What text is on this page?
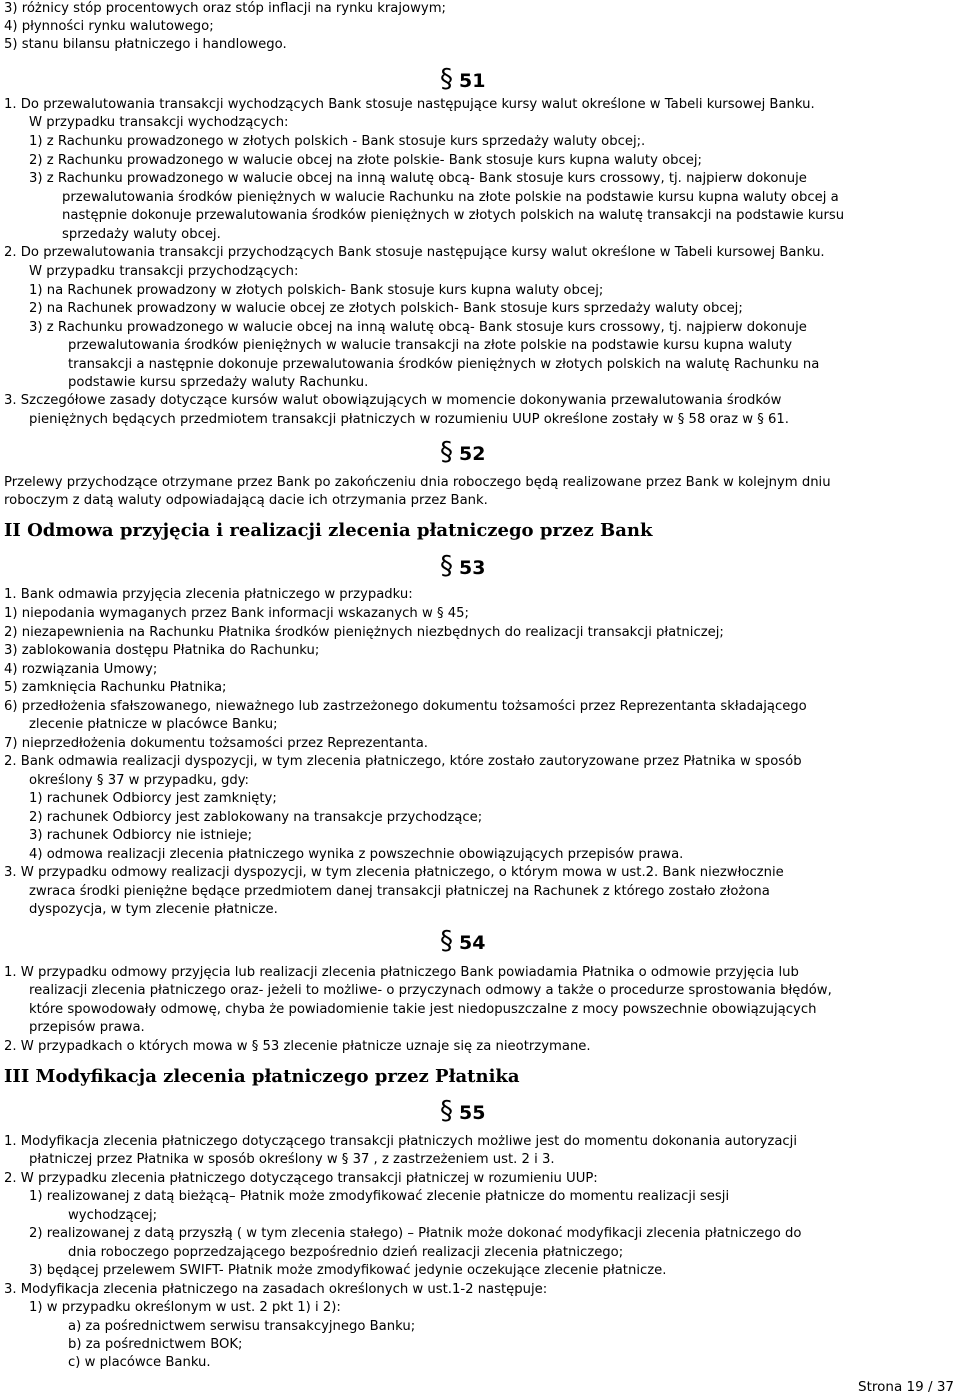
§ 51
§ 52
II Odmowa przyjęcia i realizacji zlecenia płatniczego przez Bank
§ 53
§ 54
III Modyfikacja zlecenia płatniczego przez Płatnika
§ 55
Strona 19 / 37
3) różnicy stóp procentowych oraz stóp inflacji na rynku krajowym;
4) płynności rynku walutowego;
5) stanu bilansu płatniczego i handlowego.
1. Do przewalutowania transakcji wychodzących Bank stosuje następujące kursy walut określone w Tabeli kursowej Banku.
W przypadku transakcji wychodzących:
1) z Rachunku prowadzonego w złotych polskich - Bank stosuje kurs sprzedaży waluty obcej;.
2) z Rachunku prowadzonego w walucie obcej na złote polskie- Bank stosuje kurs kupna waluty obcej;
3) z Rachunku prowadzonego w walucie obcej na inną walutę obcą- Bank stosuje kurs crossowy, tj. najpierw dokonuje
przewalutowania środków pieniężnych w walucie Rachunku na złote polskie na podstawie kursu kupna waluty obcej a
następnie dokonuje przewalutowania środków pieniężnych w złotych polskich na walutę transakcji na podstawie kursu
sprzedaży waluty obcej.
2. Do przewalutowania transakcji przychodzących Bank stosuje następujące kursy walut określone w Tabeli kursowej Banku.
W przypadku transakcji przychodzących:
1) na Rachunek prowadzony w złotych polskich- Bank stosuje kurs kupna waluty obcej;
2) na Rachunek prowadzony w walucie obcej ze złotych polskich- Bank stosuje kurs sprzedaży waluty obcej;
3) z Rachunku prowadzonego w walucie obcej na inną walutę obcą- Bank stosuje kurs crossowy, tj. najpierw dokonuje
przewalutowania środków pieniężnych w walucie transakcji na złote polskie na podstawie kursu kupna waluty
transakcji a następnie dokonuje przewalutowania środków pieniężnych w złotych polskich na walutę Rachunku na
podstawie kursu sprzedaży waluty Rachunku.
3. Szczegółowe zasady dotyczące kursów walut obowiązujących w momencie dokonywania przewalutowania środków
pieniężnych będących przedmiotem transakcji płatniczych w rozumieniu UUP określone zostały w § 58 oraz w § 61.
Przelewy przychodzące otrzymane przez Bank po zakończeniu dnia roboczego będą realizowane przez Bank w kolejnym dniu
roboczym z datą waluty odpowiadającą dacie ich otrzymania przez Bank.
1. Bank odmawia przyjęcia zlecenia płatniczego w przypadku:
1) niepodania wymaganych przez Bank informacji wskazanych w § 45;
2) niezapewnienia na Rachunku Płatnika środków pieniężnych niezbędnych do realizacji transakcji płatniczej;
3) zablokowania dostępu Płatnika do Rachunku;
4) rozwiązania Umowy;
5) zamknięcia Rachunku Płatnika;
6) przedłożenia sfałszowanego, nieważnego lub zastrzeżonego dokumentu tożsamości przez Reprezentanta składającego
zlecenie płatnicze w placówce Banku;
7) nieprzedłożenia dokumentu tożsamości przez Reprezentanta.
2. Bank odmawia realizacji dyspozycji, w tym zlecenia płatniczego, które zostało zautoryzowane przez Płatnika w sposób
określony § 37 w przypadku, gdy:
1) rachunek Odbiorcy jest zamknięty;
2) rachunek Odbiorcy jest zablokowany na transakcje przychodzące;
3) rachunek Odbiorcy nie istnieje;
4) odmowa realizacji zlecenia płatniczego wynika z powszechnie obowiązujących przepisów prawa.
3. W przypadku odmowy realizacji dyspozycji, w tym zlecenia płatniczego, o którym mowa w ust.2. Bank niezwłocznie
zwraca środki pieniężne będące przedmiotem danej transakcji płatniczej na Rachunek z którego zostało złożona
dyspozycja, w tym zlecenie płatnicze.
1. W przypadku odmowy przyjęcia lub realizacji zlecenia płatniczego Bank powiadamia Płatnika o odmowie przyjęcia lub
realizacji zlecenia płatniczego oraz- jeżeli to możliwe- o przyczynach odmowy a także o procedurze sprostowania błędów,
które spowodowały odmowę, chyba że powiadomienie takie jest niedopuszczalne z mocy powszechnie obowiązujących
przepisów prawa.
2. W przypadkach o których mowa w § 53 zlecenie płatnicze uznaje się za nieotrzymane.
1. Modyfikacja zlecenia płatniczego dotyczącego transakcji płatniczych możliwe jest do momentu dokonania autoryzacji
płatniczej przez Płatnika w sposób określony w § 37 , z zastrzeżeniem ust. 2 i 3.
2. W przypadku zlecenia płatniczego dotyczącego transakcji płatniczej w rozumieniu UUP:
1) realizowanej z datą bieżącą– Płatnik może zmodyfikować zlecenie płatnicze do momentu realizacji sesji
wychodzącej;
2) realizowanej z datą przyszłą ( w tym zlecenia stałego) – Płatnik może dokonać modyfikacji zlecenia płatniczego do
dnia roboczego poprzedzającego bezpośrednio dzień realizacji zlecenia płatniczego;
3) będącej przelewem SWIFT- Płatnik może zmodyfikować jedynie oczekujące zlecenie płatnicze.
3. Modyfikacja zlecenia płatniczego na zasadach określonych w ust.1-2 następuje:
1) w przypadku określonym w ust. 2 pkt 1) i 2):
a) za pośrednictwem serwisu transakcyjnego Banku;
b) za pośrednictwem BOK;
c) w placówce Banku.
